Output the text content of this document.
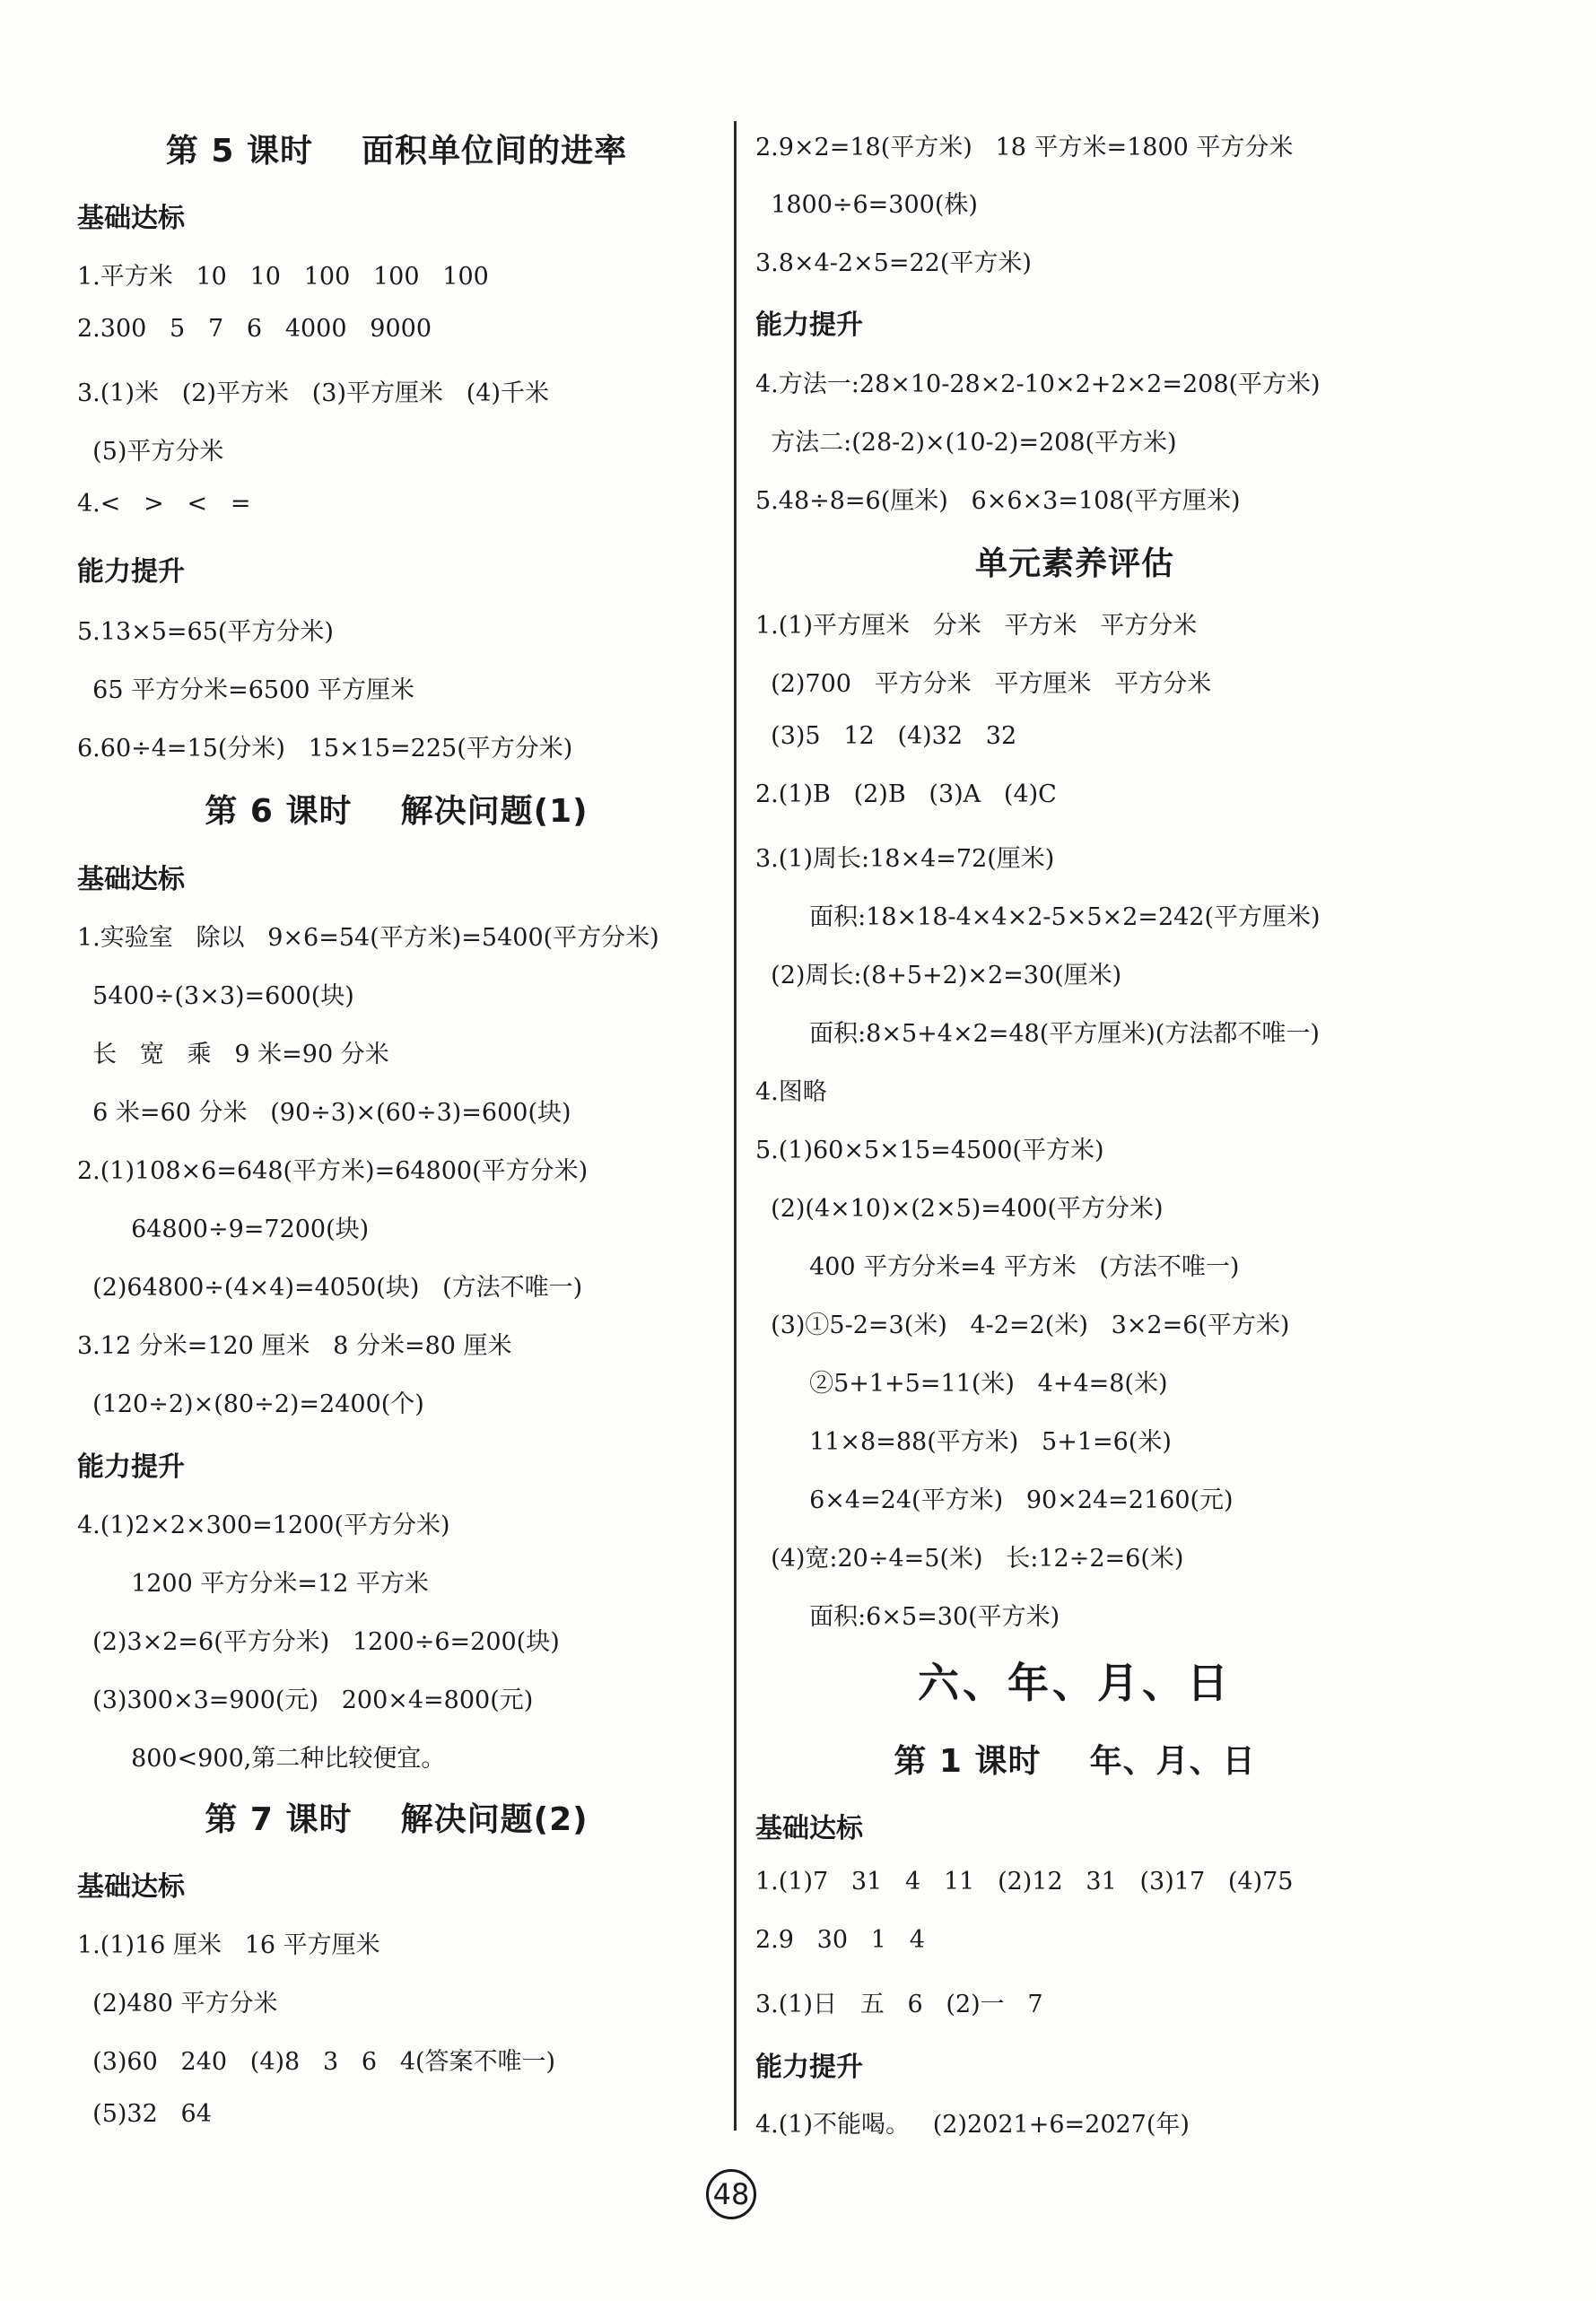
第 5 课时    面积单位间的进率
基础达标
1.平方米   10   10   100   100   100
2.300   5   7   6   4000   9000
3.(1)米   (2)平方米   (3)平方厘米   (4)千米
(5)平方分米
4.<   >   <   =
能力提升
5.13×5=65(平方分米)
65 平方分米=6500 平方厘米
6.60÷4=15(分米)   15×15=225(平方分米)
第 6 课时    解决问题(1)
基础达标
1.实验室   除以   9×6=54(平方米)=5400(平方分米)
5400÷(3×3)=600(块)
长   宽   乘   9 米=90 分米
6 米=60 分米   (90÷3)×(60÷3)=600(块)
2.(1)108×6=648(平方米)=64800(平方分米)
64800÷9=7200(块)
(2)64800÷(4×4)=4050(块)   (方法不唯一)
3.12 分米=120 厘米   8 分米=80 厘米
(120÷2)×(80÷2)=2400(个)
能力提升
4.(1)2×2×300=1200(平方分米)
1200 平方分米=12 平方米
(2)3×2=6(平方分米)   1200÷6=200(块)
(3)300×3=900(元)   200×4=800(元)
800<900,第二种比较便宜。
第 7 课时    解决问题(2)
基础达标
1.(1)16 厘米   16 平方厘米
(2)480 平方分米
(3)60   240   (4)8   3   6   4(答案不唯一)
(5)32   64
2.9×2=18(平方米)   18 平方米=1800 平方分米
1800÷6=300(株)
3.8×4-2×5=22(平方米)
能力提升
4.方法一:28×10-28×2-10×2+2×2=208(平方米)
方法二:(28-2)×(10-2)=208(平方米)
5.48÷8=6(厘米)   6×6×3=108(平方厘米)
单元素养评估
1.(1)平方厘米   分米   平方米   平方分米
(2)700   平方分米   平方厘米   平方分米
(3)5   12   (4)32   32
2.(1)B   (2)B   (3)A   (4)C
3.(1)周长:18×4=72(厘米)
面积:18×18-4×4×2-5×5×2=242(平方厘米)
(2)周长:(8+5+2)×2=30(厘米)
面积:8×5+4×2=48(平方厘米)(方法都不唯一)
4.图略
5.(1)60×5×15=4500(平方米)
(2)(4×10)×(2×5)=400(平方分米)
400 平方分米=4 平方米   (方法不唯一)
(3)①5-2=3(米)   4-2=2(米)   3×2=6(平方米)
②5+1+5=11(米)   4+4=8(米)
11×8=88(平方米)   5+1=6(米)
6×4=24(平方米)   90×24=2160(元)
(4)宽:20÷4=5(米)   长:12÷2=6(米)
面积:6×5=30(平方米)
六、年、月、日
第 1 课时    年、月、日
基础达标
1.(1)7   31   4   11   (2)12   31   (3)17   (4)75
2.9   30   1   4
3.(1)日   五   6   (2)一   7
能力提升
4.(1)不能喝。   (2)2021+6=2027(年)
48
